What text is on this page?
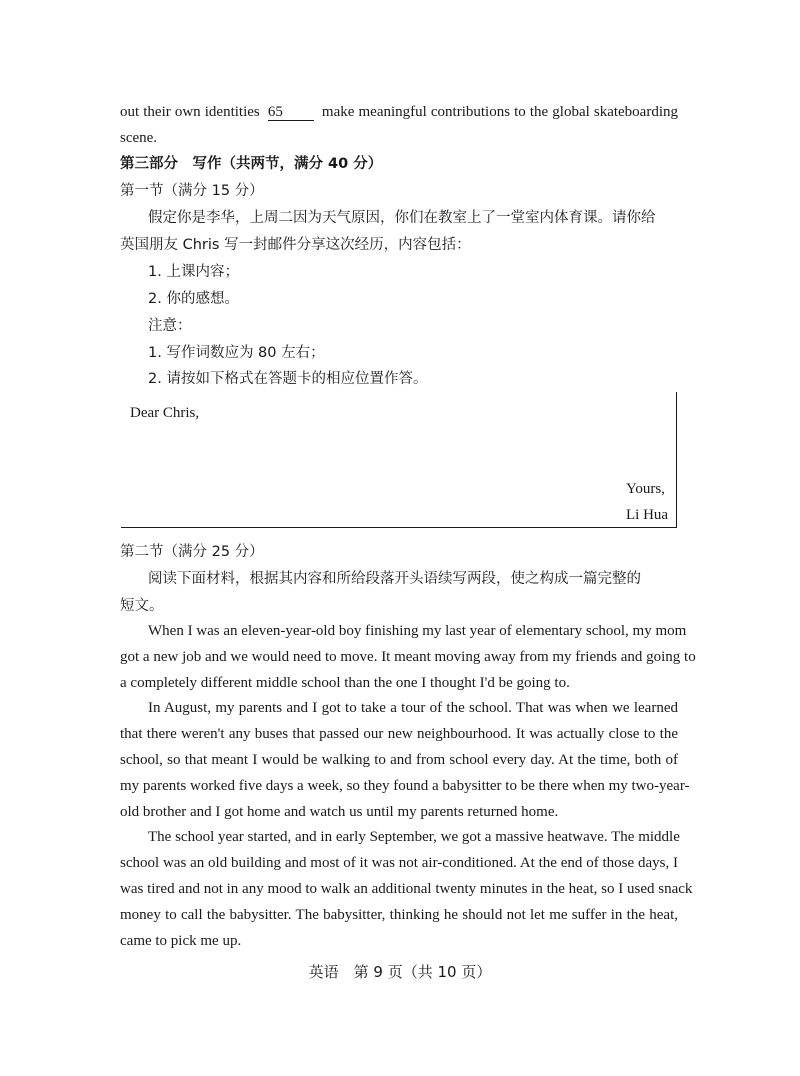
out their own identities 65	make meaningful contributions to the global skateboarding
scene.
第三部分　写作（共两节，满分 40 分）
第一节（满分 15 分）
假定你是李华，上周二因为天气原因，你们在教室上了一堂室内体育课。请你给
英国朋友 Chris 写一封邮件分享这次经历，内容包括：
1. 上课内容；
2. 你的感想。
注意：
1. 写作词数应为 80 左右；
2. 请按如下格式在答题卡的相应位置作答。
Dear Chris,
Yours,
Li Hua
第二节（满分 25 分）
阅读下面材料，根据其内容和所给段落开头语续写两段，使之构成一篇完整的
短文。
When I was an eleven-year-old boy finishing my last year of elementary school, my mom
got a new job and we would need to move. It meant moving away from my friends and going to
a completely different middle school than the one I thought I'd be going to.
In August, my parents and I got to take a tour of the school. That was when we learned
that there weren't any buses that passed our new neighbourhood. It was actually close to the
school, so that meant I would be walking to and from school every day. At the time, both of
my parents worked five days a week, so they found a babysitter to be there when my two-year-
old brother and I got home and watch us until my parents returned home.
The school year started, and in early September, we got a massive heatwave. The middle
school was an old building and most of it was not air-conditioned. At the end of those days, I
was tired and not in any mood to walk an additional twenty minutes in the heat, so I used snack
money to call the babysitter. The babysitter, thinking he should not let me suffer in the heat,
came to pick me up.
英语　第 9 页（共 10 页）
